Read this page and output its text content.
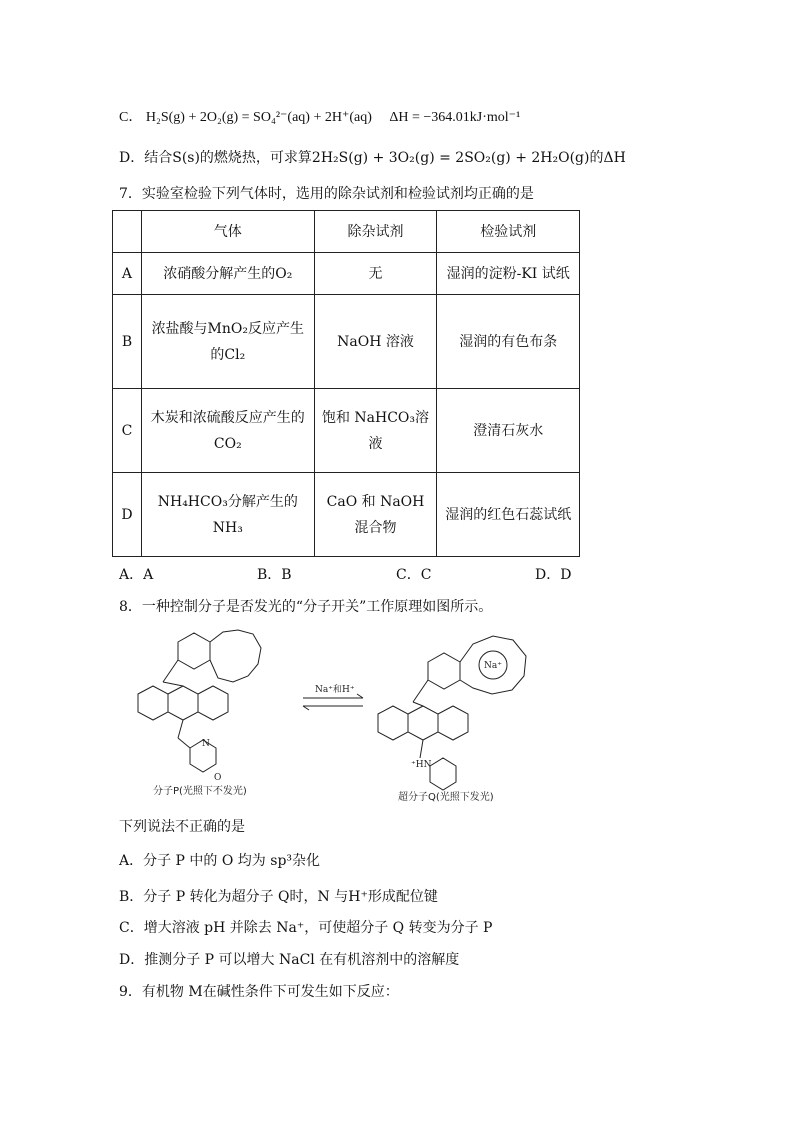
C． H₂S(g) + 2O₂(g) = SO₄²⁻(aq) + 2H⁺(aq) ΔH = −364.01kJ·mol⁻¹
D．结合S(s)的燃烧热，可求算2H₂S(g) + 3O₂(g) = 2SO₂(g) + 2H₂O(g)的ΔH
7．实验室检验下列气体时，选用的除杂试剂和检验试剂均正确的是
	气体	除杂试剂	检验试剂
A	浓硝酸分解产生的O₂	无	湿润的淀粉-KI 试纸
B	浓盐酸与MnO₂反应产生的Cl₂	NaOH 溶液	湿润的有色布条
C	木炭和浓硫酸反应产生的CO₂	饱和 NaHCO₃溶液	澄清石灰水
D	NH₄HCO₃分解产生的NH₃	CaO 和 NaOH 混合物	湿润的红色石蕊试纸
A．A	B．B	C．C	D．D
8．一种控制分子是否发光的“分子开关”工作原理如图所示。
N
O
Na⁺
⁺HN
Na⁺和H⁺
分子P(光照下不发光)
超分子Q(光照下发光)
下列说法不正确的是
A．分子 P 中的 O 均为 sp³杂化
B．分子 P 转化为超分子 Q时，N 与H⁺形成配位键
C．增大溶液 pH 并除去 Na⁺，可使超分子 Q 转变为分子 P
D．推测分子 P 可以增大 NaCl 在有机溶剂中的溶解度
9．有机物 M在碱性条件下可发生如下反应：
